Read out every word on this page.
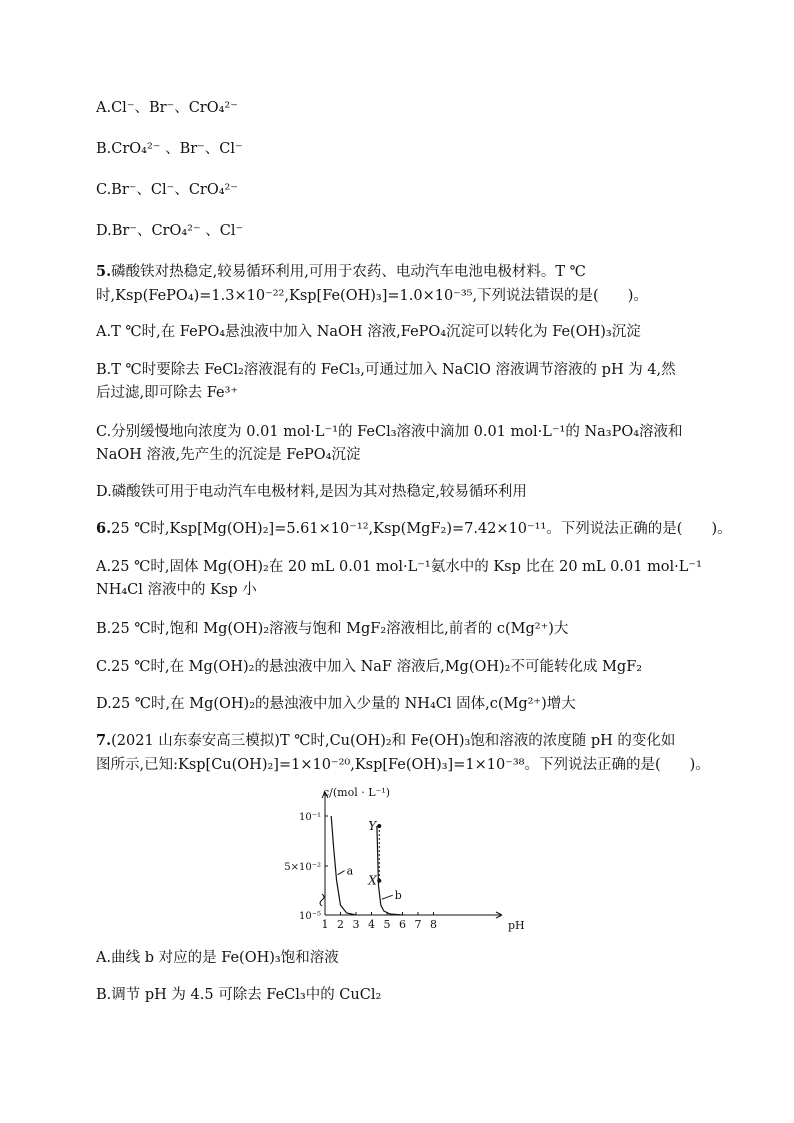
A.Cl⁻、Br⁻、CrO₄²⁻
B.CrO₄²⁻ 、Br⁻、Cl⁻
C.Br⁻、Cl⁻、CrO₄²⁻
D.Br⁻、CrO₄²⁻ 、Cl⁻
5.磷酸铁对热稳定,较易循环利用,可用于农药、电动汽车电池电极材料。T ℃
时,Ksp(FePO₄)=1.3×10⁻²²,Ksp[Fe(OH)₃]=1.0×10⁻³⁵,下列说法错误的是(　　)。
A.T ℃时,在 FePO₄悬浊液中加入 NaOH 溶液,FePO₄沉淀可以转化为 Fe(OH)₃沉淀
B.T ℃时要除去 FeCl₂溶液混有的 FeCl₃,可通过加入 NaClO 溶液调节溶液的 pH 为 4,然
后过滤,即可除去 Fe³⁺
C.分别缓慢地向浓度为 0.01 mol·L⁻¹的 FeCl₃溶液中滴加 0.01 mol·L⁻¹的 Na₃PO₄溶液和
NaOH 溶液,先产生的沉淀是 FePO₄沉淀
D.磷酸铁可用于电动汽车电极材料,是因为其对热稳定,较易循环利用
6.25 ℃时,Ksp[Mg(OH)₂]=5.61×10⁻¹²,Ksp(MgF₂)=7.42×10⁻¹¹。下列说法正确的是(　　)。
A.25 ℃时,固体 Mg(OH)₂在 20 mL 0.01 mol·L⁻¹氨水中的 Ksp 比在 20 mL 0.01 mol·L⁻¹
NH₄Cl 溶液中的 Ksp 小
B.25 ℃时,饱和 Mg(OH)₂溶液与饱和 MgF₂溶液相比,前者的 c(Mg²⁺)大
C.25 ℃时,在 Mg(OH)₂的悬浊液中加入 NaF 溶液后,Mg(OH)₂不可能转化成 MgF₂
D.25 ℃时,在 Mg(OH)₂的悬浊液中加入少量的 NH₄Cl 固体,c(Mg²⁺)增大
7.(2021 山东泰安高三模拟)T ℃时,Cu(OH)₂和 Fe(OH)₃饱和溶液的浓度随 pH 的变化如
图所示,已知:Ksp[Cu(OH)₂]=1×10⁻²⁰,Ksp[Fe(OH)₃]=1×10⁻³⁸。下列说法正确的是(　　)。
1 2 3 4 5 6 7 8	pH
c/(mol · L⁻¹)
10⁻⁵
5×10⁻²
10⁻¹
a
b
Y
X
A.曲线 b 对应的是 Fe(OH)₃饱和溶液
B.调节 pH 为 4.5 可除去 FeCl₃中的 CuCl₂
